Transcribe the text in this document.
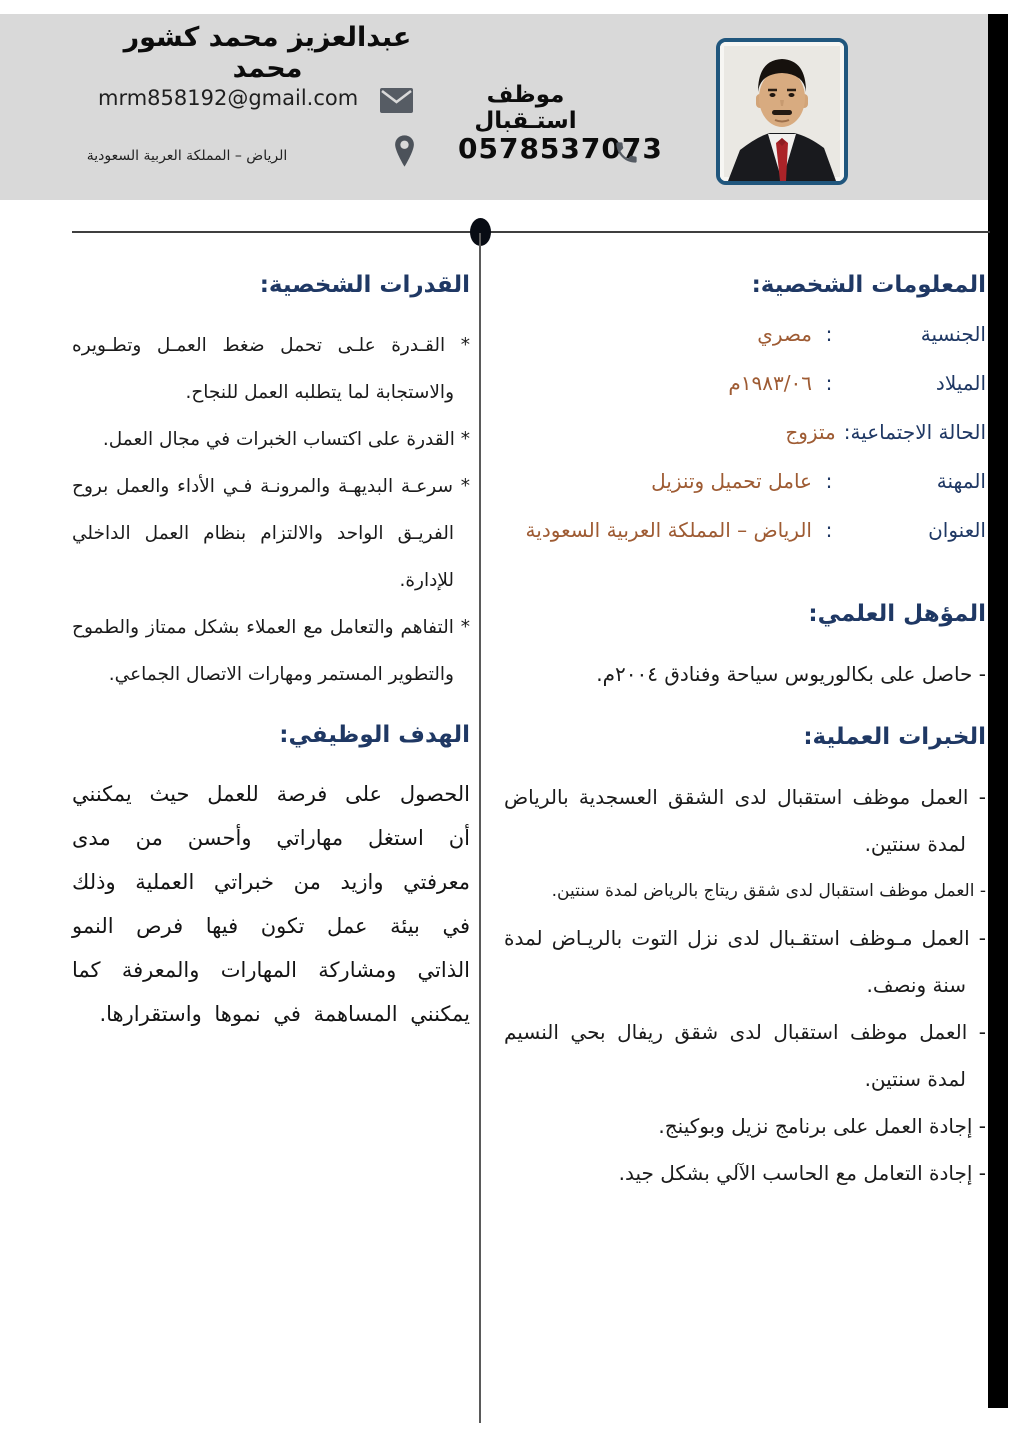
عبدالعزيز محمد كشور محمد
mrm858192@gmail.com	موظف استـقبال
الرياض – المملكة العربية السعودية	0578537073
المعلومات الشخصية:
الجنسية
:
مصري
الميلاد
:
١٩٨٣/٠٦م
الحالة الاجتماعية:
متزوج
المهنة
:
عامل تحميل وتنزيل
العنوان
:
الرياض – المملكة العربية السعودية
المؤهل العلمي:
- حاصل على بكالوريوس سياحة وفنادق ٢٠٠٤م.
الخبرات العملية:
- العمل موظف استقبال لدى الشقق العسجدية بالرياض لمدة سنتين.
- العمل موظف استقبال لدى شقق ريتاج بالرياض لمدة سنتين.
- العمل مـوظف استقـبال لدى نزل التوت بالريـاض لمدة سنة ونصف.
- العمل موظف استقبال لدى شقق ريفال بحي النسيم لمدة سنتين.
- إجادة العمل على برنامج نزيل وبوكينج.
- إجادة التعامل مع الحاسب الآلي بشكل جيد.
القدرات الشخصية:
* القـدرة علـى تحمل ضغط العمـل وتطـويره والاستجابة لما يتطلبه العمل للنجاح.
* القدرة على اكتساب الخبرات في مجال العمل.
* سرعـة البديهـة والمرونـة فـي الأداء والعمل بروح الفريـق الواحد والالتزام بنظام العمل الداخلي للإدارة.
* التفاهم والتعامل مع العملاء بشكل ممتاز والطموح والتطوير المستمر ومهارات الاتصال الجماعي.
الهدف الوظيفي:
الحصول على فرصة للعمل حيث يمكنني أن استغل مهاراتي وأحسن من مدى معرفتي وازيد من خبراتي العملية وذلك في بيئة عمل تكون فيها فرص النمو الذاتي ومشاركة المهارات والمعرفة كما يمكنني المساهمة في نموها واستقرارها.
